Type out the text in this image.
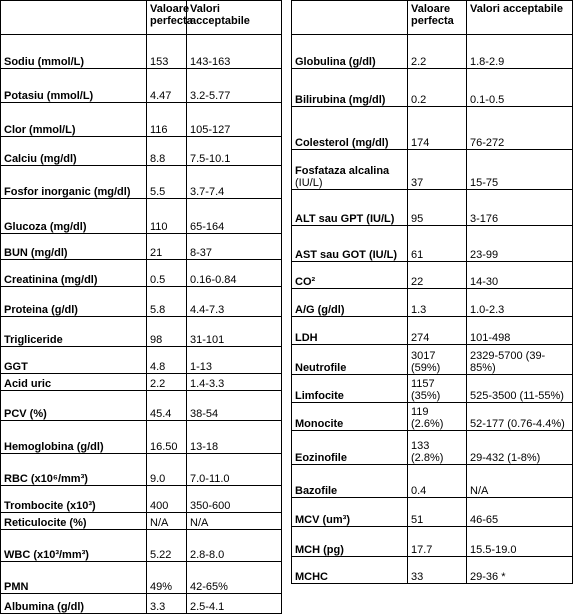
	Valoare perfecta	Valori acceptabile
Sodiu (mmol/L)	153	143-163
Potasiu (mmol/L)	4.47	3.2-5.77
Clor (mmol/L)	116	105-127
Calciu (mg/dl)	8.8	7.5-10.1
Fosfor inorganic (mg/dl)	5.5	3.7-7.4
Glucoza (mg/dl)	110	65-164
BUN (mg/dl)	21	8-37
Creatinina (mg/dl)	0.5	0.16-0.84
Proteina (g/dl)	5.8	4.4-7.3
Trigliceride	98	31-101
GGT	4.8	1-13
Acid uric	2.2	1.4-3.3
PCV (%)	45.4	38-54
Hemoglobina (g/dl)	16.50	13-18
RBC (x10⁶/mm³)	9.0	7.0-11.0
Trombocite (x10³)	400	350-600
Reticulocite (%)	N/A	N/A
WBC (x10³/mm³)	5.22	2.8-8.0
PMN	49%	42-65%
Albumina (g/dl)	3.3	2.5-4.1
	Valoare perfecta	Valori acceptabile
Globulina (g/dl)	2.2	1.8-2.9
Bilirubina (mg/dl)	0.2	0.1-0.5
Colesterol (mg/dl)	174	76-272
Fosfataza alcalina (IU/L)	37	15-75
ALT sau GPT (IU/L)	95	3-176
AST sau GOT (IU/L)	61	23-99
CO²	22	14-30
A/G (g/dl)	1.3	1.0-2.3
LDH	274	101-498
Neutrofile	3017 (59%)	2329-5700 (39-85%)
Limfocite	1157 (35%)	525-3500 (11-55%)
Monocite	119 (2.6%)	52-177 (0.76-4.4%)
Eozinofile	133 (2.8%)	29-432 (1-8%)
Bazofile	0.4	N/A
MCV (um³)	51	46-65
MCH (pg)	17.7	15.5-19.0
MCHC	33	29-36 *
